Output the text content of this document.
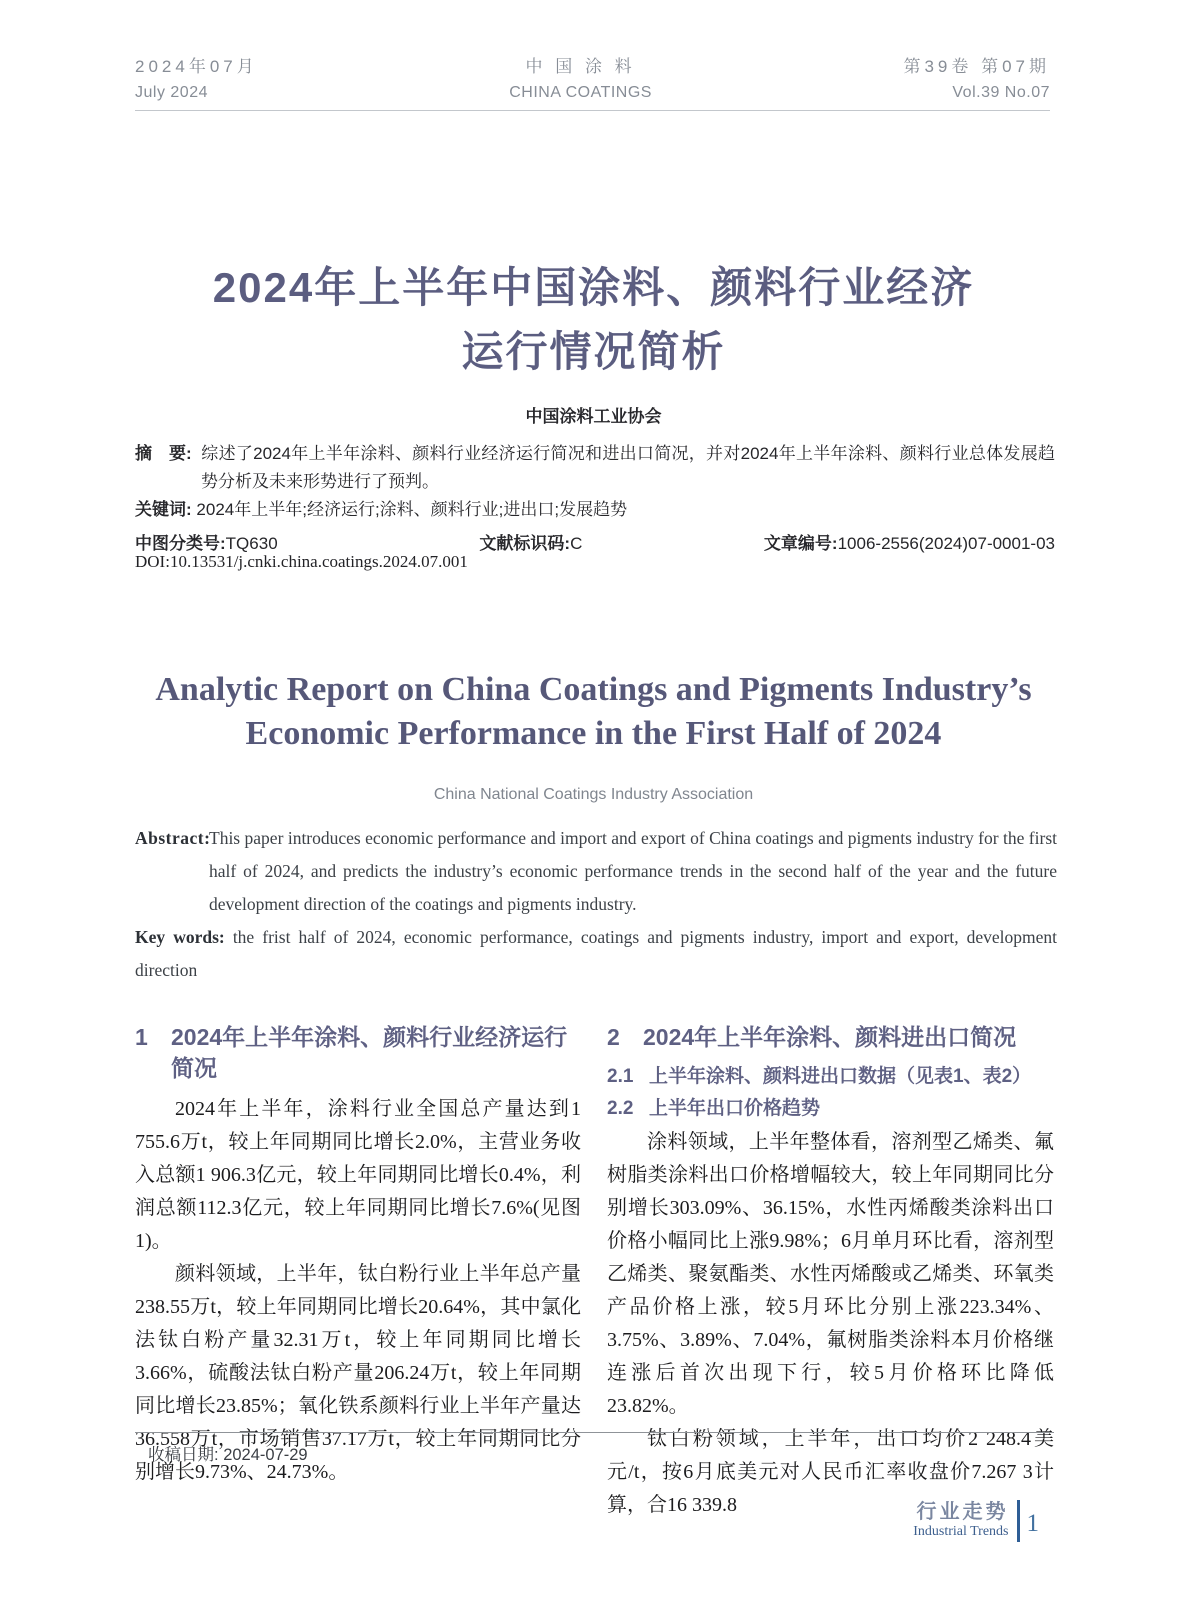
2024年07月
July 2024
中 国 涂 料
CHINA COATINGS
第39卷 第07期
Vol.39 No.07
2024年上半年中国涂料、颜料行业经济
运行情况简析
中国涂料工业协会

摘　要: 综述了2024年上半年涂料、颜料行业经济运行简况和进出口简况，并对2024年上半年涂料、颜料行业总体发展趋势分析及未来形势进行了预判。

关键词: 2024年上半年;经济运行;涂料、颜料行业;进出口;发展趋势

中图分类号:TQ630	文献标识码:C	文章编号:1006-2556(2024)07-0001-03
DOI:10.13531/j.cnki.china.coatings.2024.07.001
Analytic Report on China Coatings and Pigments Industry’s
Economic Performance in the First Half of 2024
China National Coatings Industry Association

Abstract:This paper introduces economic performance and import and export of China coatings and pigments industry for the first half of 2024, and predicts the industry’s economic performance trends in the second half of the year and the future development direction of the coatings and pigments industry.

Key words: the frist half of 2024, economic performance, coatings and pigments industry, import and export, development direction

1	2024年上半年涂料、颜料行业经济运行简况

2024年上半年，涂料行业全国总产量达到1 755.6万t，较上年同期同比增长2.0%，主营业务收入总额1 906.3亿元，较上年同期同比增长0.4%，利润总额112.3亿元，较上年同期同比增长7.6%(见图1)。

颜料领域，上半年，钛白粉行业上半年总产量238.55万t，较上年同期同比增长20.64%，其中氯化法钛白粉产量32.31万t，较上年同期同比增长3.66%，硫酸法钛白粉产量206.24万t，较上年同期同比增长23.85%；氧化铁系颜料行业上半年产量达36.558万t，市场销售37.17万t，较上年同期同比分别增长9.73%、24.73%。

2	2024年上半年涂料、颜料进出口简况
2.1 上半年涂料、颜料进出口数据（见表1、表2）
2.2 上半年出口价格趋势

涂料领域，上半年整体看，溶剂型乙烯类、氟树脂类涂料出口价格增幅较大，较上年同期同比分别增长303.09%、36.15%，水性丙烯酸类涂料出口价格小幅同比上涨9.98%；6月单月环比看，溶剂型乙烯类、聚氨酯类、水性丙烯酸或乙烯类、环氧类产品价格上涨，较5月环比分别上涨223.34%、3.75%、3.89%、7.04%，氟树脂类涂料本月价格继连涨后首次出现下行，较5月价格环比降低23.82%。

钛白粉领域，上半年，出口均价2 248.4美元/t，按6月底美元对人民币汇率收盘价7.267 3计算，合16 339.8

收稿日期: 2024-07-29
行业走势
Industrial Trends 1
